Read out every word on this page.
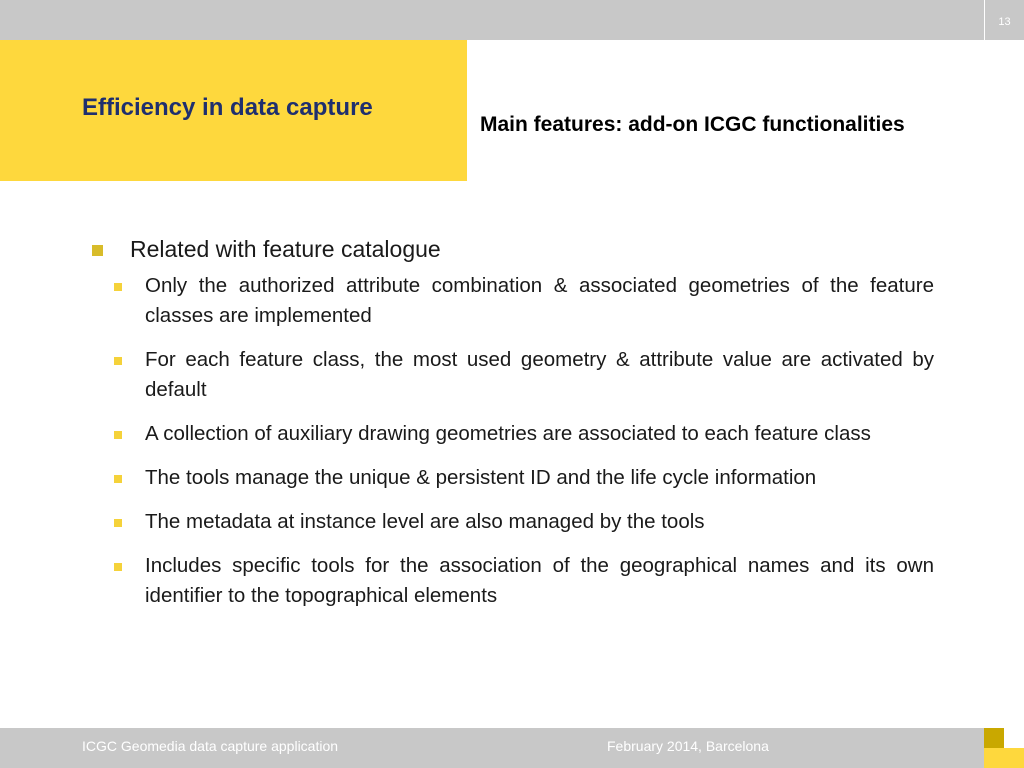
13
Efficiency in data capture
Main features: add-on ICGC functionalities
Related with feature catalogue
Only the authorized attribute combination & associated geometries of the feature classes are implemented
For each feature class, the most used geometry & attribute value are activated by default
A collection of auxiliary drawing geometries are associated to each feature class
The tools manage the unique & persistent ID and the life cycle information
The metadata at instance level are also managed by the tools
Includes specific tools for the association of the geographical names and its own identifier to the topographical elements
ICGC Geomedia data capture application	February 2014, Barcelona
